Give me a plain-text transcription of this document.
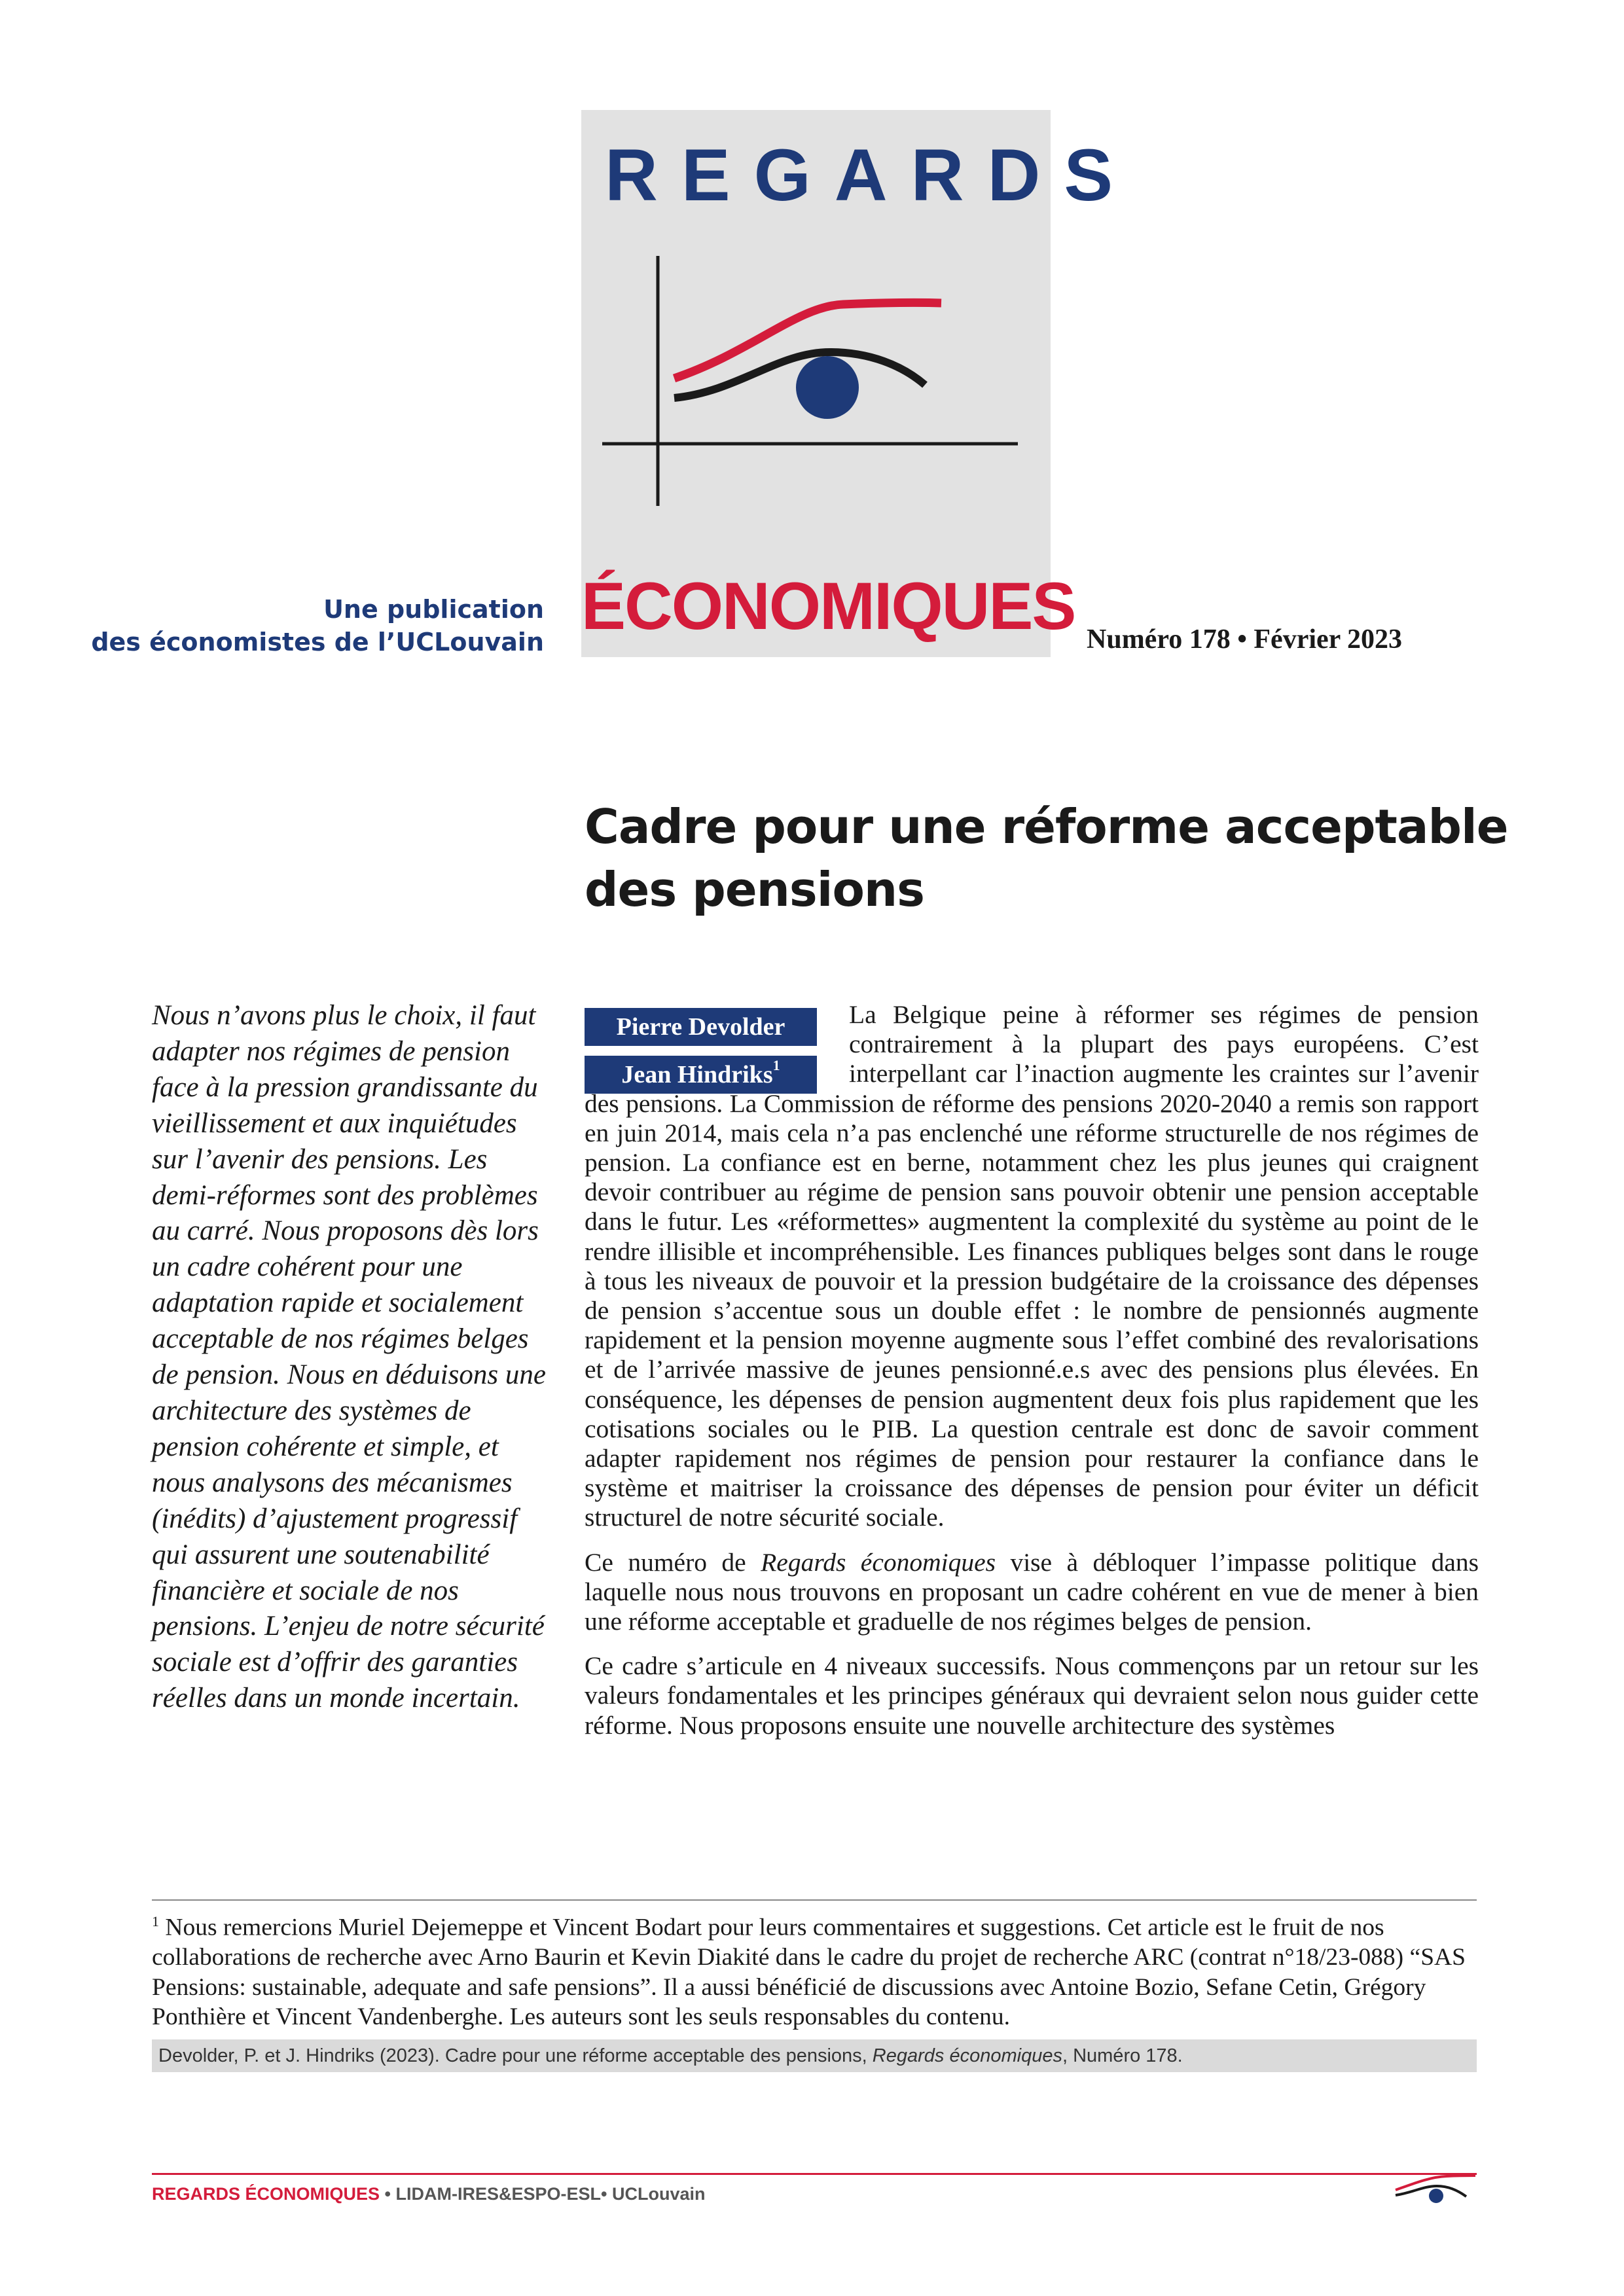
REGARDS
ÉCONOMIQUES
Une publication
des économistes de l’UCLouvain	Numéro 178 • Février 2023
Cadre pour une réforme acceptable
des pensions
Nous n’avons plus le choix, il faut adapter nos régimes de pension face à la pression grandissante du vieillissement et aux inquiétudes sur l’avenir des pensions. Les demi-réformes sont des problèmes au carré. Nous proposons dès lors un cadre cohérent pour une adaptation rapide et socialement acceptable de nos régimes belges de pension. Nous en déduisons une architecture des systèmes de pension cohérente et simple, et nous analysons des mécanismes (inédits) d’ajustement progressif qui assurent une soutenabilité financière et sociale de nos pensions. L’enjeu de notre sécurité sociale est d’offrir des garanties réelles dans un monde incertain.
Pierre Devolder
Jean Hindriks$^1$

La Belgique peine à réformer ses régimes de pension contrairement à la plupart des pays européens. C’est interpellant car l’inaction augmente les craintes sur l’avenir des pensions. La Commission de réforme des pensions 2020-2040 a remis son rapport en juin 2014, mais cela n’a pas enclenché une réforme structurelle de nos régimes de pension. La confiance est en berne, notamment chez les plus jeunes qui craignent devoir contribuer au régime de pension sans pouvoir obtenir une pension acceptable dans le futur. Les «réformettes» augmentent la complexité du système au point de le rendre illisible et incompréhensible. Les finances publiques belges sont dans le rouge à tous les niveaux de pouvoir et la pression budgétaire de la croissance des dépenses de pension s’accentue sous un double effet : le nombre de pensionnés augmente rapidement et la pension moyenne augmente sous l’effet combiné des revalorisations et de l’arrivée massive de jeunes pensionné.e.s avec des pensions plus élevées. En conséquence, les dépenses de pension augmentent deux fois plus rapidement que les cotisations sociales ou le PIB. La question centrale est donc de savoir comment adapter rapidement nos régimes de pension pour restaurer la confiance dans le système et maitriser la croissance des dépenses de pension pour éviter un déficit structurel de notre sécurité sociale.

Ce numéro de Regards économiques vise à débloquer l’impasse politique dans laquelle nous nous trouvons en proposant un cadre cohérent en vue de mener à bien une réforme acceptable et graduelle de nos régimes belges de pension.

Ce cadre s’articule en 4 niveaux successifs. Nous commençons par un retour sur les valeurs fondamentales et les principes généraux qui devraient selon nous guider cette réforme. Nous proposons ensuite une nouvelle architecture des systèmes

$^1$ Nous remercions Muriel Dejemeppe et Vincent Bodart pour leurs commentaires et suggestions. Cet article est le fruit de nos collaborations de recherche avec Arno Baurin et Kevin Diakité dans le cadre du projet de recherche ARC (contrat n°18/23-088) “SAS Pensions: sustainable, adequate and safe pensions”. Il a aussi bénéficié de discussions avec Antoine Bozio, Sefane Cetin, Grégory Ponthière et Vincent Vandenberghe. Les auteurs sont les seuls responsables du contenu.
Devolder, P. et J. Hindriks (2023). Cadre pour une réforme acceptable des pensions, Regards économiques, Numéro 178.
REGARDS ÉCONOMIQUES • LIDAM-IRES&ESPO-ESL• UCLouvain
